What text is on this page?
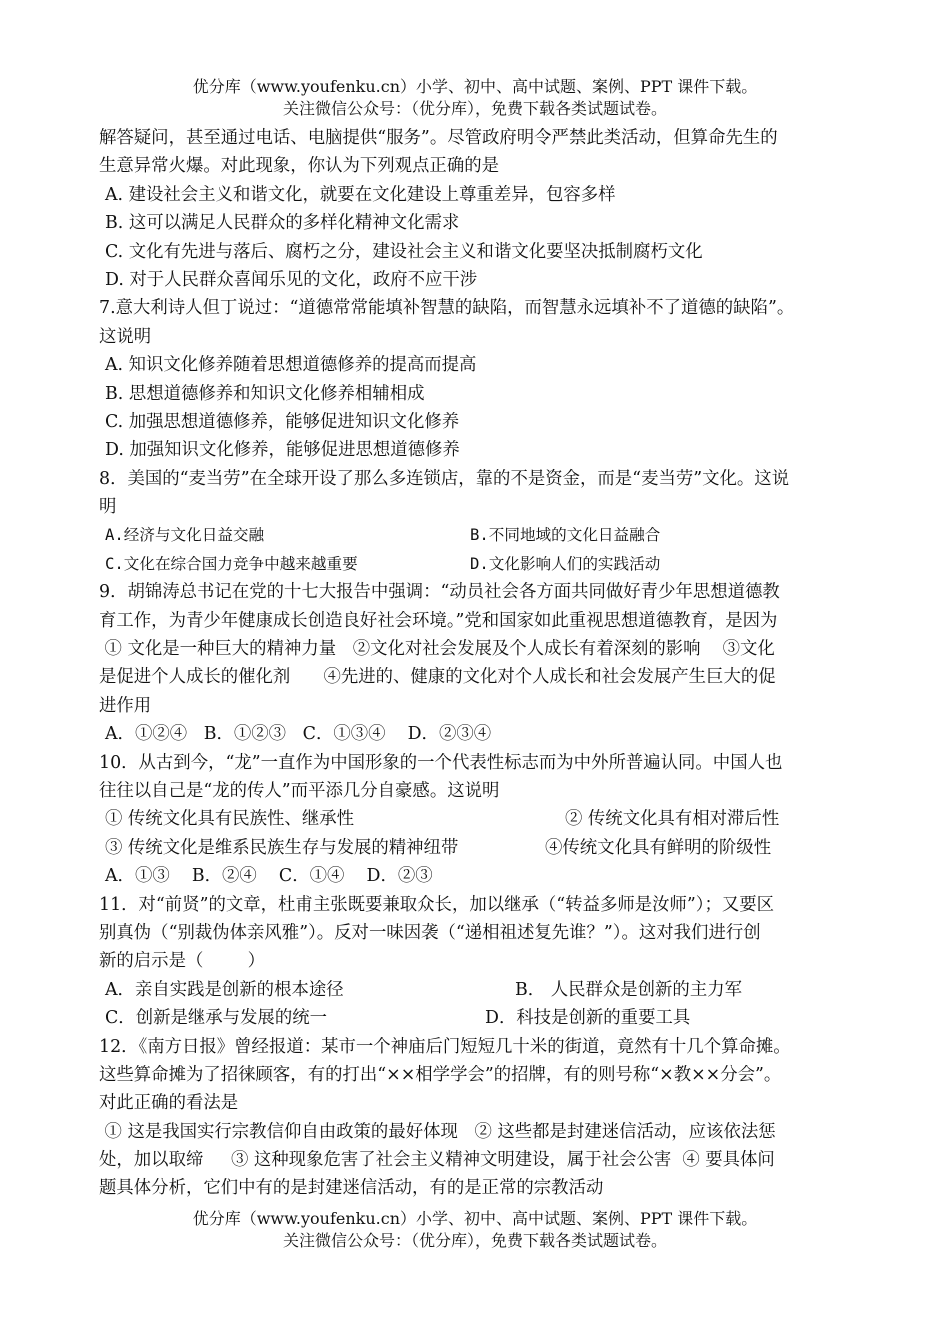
优分库（www.youfenku.cn）小学、初中、高中试题、案例、PPT 课件下载。
关注微信公众号：（优分库），免费下载各类试题试卷。
解答疑问，甚至通过电话、电脑提供“服务”。尽管政府明令严禁此类活动，但算命先生的
生意异常火爆。对此现象，你认为下列观点正确的是
A. 建设社会主义和谐文化，就要在文化建设上尊重差异，包容多样
B. 这可以满足人民群众的多样化精神文化需求
C. 文化有先进与落后、腐朽之分，建设社会主义和谐文化要坚决抵制腐朽文化
D. 对于人民群众喜闻乐见的文化，政府不应干涉
7.意大利诗人但丁说过：“道德常常能填补智慧的缺陷，而智慧永远填补不了道德的缺陷”。
这说明
A. 知识文化修养随着思想道德修养的提高而提高
B. 思想道德修养和知识文化修养相辅相成
C. 加强思想道德修养，能够促进知识文化修养
D. 加强知识文化修养，能够促进思想道德修养
8．美国的“麦当劳”在全球开设了那么多连锁店，靠的不是资金，而是“麦当劳”文化。这说
明
A.经济与文化日益交融	B.不同地域的文化日益融合
C.文化在综合国力竞争中越来越重要	D.文化影响人们的实践活动
9．胡锦涛总书记在党的十七大报告中强调：“动员社会各方面共同做好青少年思想道德教
育工作，为青少年健康成长创造良好社会环境。”党和国家如此重视思想道德教育，是因为
① 文化是一种巨大的精神力量   ②文化对社会发展及个人成长有着深刻的影响    ③文化
是促进个人成长的催化剂      ④先进的、健康的文化对个人成长和社会发展产生巨大的促
进作用
A．①②④   B．①②③   C．①③④    D．②③④
10．从古到今，“龙”一直作为中国形象的一个代表性标志而为中外所普遍认同。中国人也
往往以自己是“龙的传人”而平添几分自豪感。这说明
① 传统文化具有民族性、继承性	② 传统文化具有相对滞后性
③ 传统文化是维系民族生存与发展的精神纽带	④传统文化具有鲜明的阶级性
A．①③    B．②④    C．①④    D．②③
11．对“前贤”的文章，杜甫主张既要兼取众长，加以继承（“转益多师是汝师”）；又要区
别真伪（“别裁伪体亲风雅”）。反对一味因袭（“递相祖述复先谁？”）。这对我们进行创
新的启示是（        ）
A．亲自实践是创新的根本途径	B． 人民群众是创新的主力军
C．创新是继承与发展的统一	D．科技是创新的重要工具
12．《南方日报》曾经报道：某市一个神庙后门短短几十米的街道，竟然有十几个算命摊。
这些算命摊为了招徕顾客，有的打出“××相学学会”的招牌，有的则号称“×教××分会”。
对此正确的看法是
① 这是我国实行宗教信仰自由政策的最好体现   ② 这些都是封建迷信活动，应该依法惩
处，加以取缔     ③ 这种现象危害了社会主义精神文明建设，属于社会公害  ④ 要具体问
题具体分析，它们中有的是封建迷信活动，有的是正常的宗教活动
优分库（www.youfenku.cn）小学、初中、高中试题、案例、PPT 课件下载。
关注微信公众号：（优分库），免费下载各类试题试卷。
